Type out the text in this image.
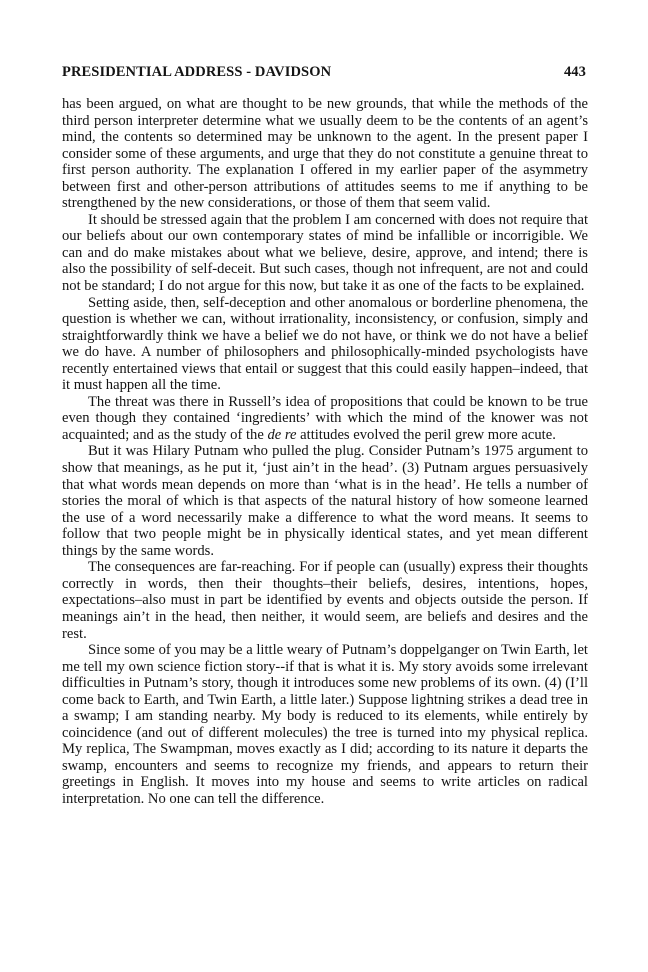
PRESIDENTIAL ADDRESS - DAVIDSON	443

has been argued, on what are thought to be new grounds, that while the methods of the third person interpreter determine what we usually deem to be the contents of an agent’s mind, the contents so determined may be unknown to the agent. In the present paper I consider some of these arguments, and urge that they do not constitute a genuine threat to first person authority. The explanation I offered in my earlier paper of the asymmetry between first and other-person attributions of attitudes seems to me if anything to be strengthened by the new considerations, or those of them that seem valid.

It should be stressed again that the problem I am concerned with does not require that our beliefs about our own contemporary states of mind be infallible or incorrigible. We can and do make mistakes about what we believe, desire, approve, and intend; there is also the possibility of self-deceit. But such cases, though not infrequent, are not and could not be standard; I do not argue for this now, but take it as one of the facts to be explained.

Setting aside, then, self-deception and other anomalous or borderline phenomena, the question is whether we can, without irrationality, inconsistency, or confusion, simply and straightforwardly think we have a belief we do not have, or think we do not have a belief we do have. A number of philosophers and philosophically-minded psychologists have recently entertained views that entail or suggest that this could easily happen–indeed, that it must happen all the time.

The threat was there in Russell’s idea of propositions that could be known to be true even though they contained ‘ingredients’ with which the mind of the knower was not acquainted; and as the study of the de re attitudes evolved the peril grew more acute.

But it was Hilary Putnam who pulled the plug. Consider Putnam’s 1975 argument to show that meanings, as he put it, ‘just ain’t in the head’. (3) Putnam argues persuasively that what words mean depends on more than ‘what is in the head’. He tells a number of stories the moral of which is that aspects of the natural history of how someone learned the use of a word necessarily make a difference to what the word means. It seems to follow that two people might be in physically identical states, and yet mean different things by the same words.

The consequences are far-reaching. For if people can (usually) express their thoughts correctly in words, then their thoughts–their beliefs, desires, intentions, hopes, expectations–also must in part be identified by events and objects outside the person. If meanings ain’t in the head, then neither, it would seem, are beliefs and desires and the rest.

Since some of you may be a little weary of Putnam’s doppelganger on Twin Earth, let me tell my own science fiction story--if that is what it is. My story avoids some irrelevant difficulties in Putnam’s story, though it introduces some new problems of its own. (4) (I’ll come back to Earth, and Twin Earth, a little later.) Suppose lightning strikes a dead tree in a swamp; I am standing nearby. My body is reduced to its elements, while entirely by coincidence (and out of different molecules) the tree is turned into my physical replica. My replica, The Swampman, moves exactly as I did; according to its nature it departs the swamp, encounters and seems to recognize my friends, and appears to return their greetings in English. It moves into my house and seems to write articles on radical interpretation. No one can tell the difference.
